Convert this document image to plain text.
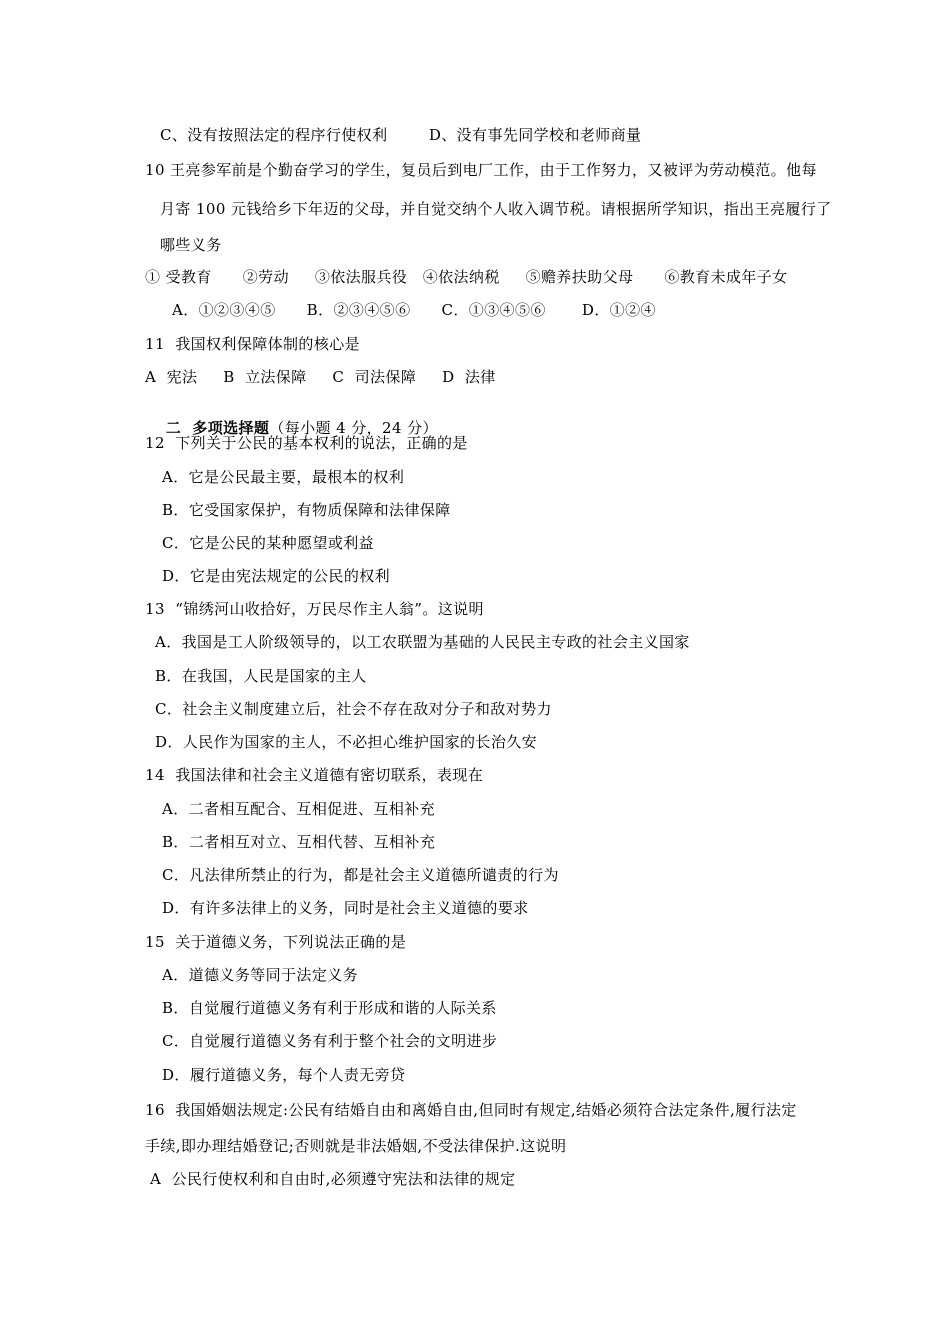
C、没有按照法定的程序行使权利        D、没有事先同学校和老师商量
10 王亮参军前是个勤奋学习的学生，复员后到电厂工作，由于工作努力，又被评为劳动模范。他每
月寄 100 元钱给乡下年迈的父母，并自觉交纳个人收入调节税。请根据所学知识，指出王亮履行了
哪些义务
① 受教育      ②劳动     ③依法服兵役   ④依法纳税     ⑤赡养扶助父母      ⑥教育未成年子女
A．①②③④⑤      B．②③④⑤⑥      C．①③④⑤⑥       D．①②④
11  我国权利保障体制的核心是
A  宪法     B  立法保障     C  司法保障     D  法律

二  多项选择题（每小题 4 分，24 分）

12  下列关于公民的基本权利的说法，正确的是
A．它是公民最主要，最根本的权利
B．它受国家保护，有物质保障和法律保障
C．它是公民的某种愿望或利益
D．它是由宪法规定的公民的权利
13  “锦绣河山收拾好，万民尽作主人翁”。这说明
A．我国是工人阶级领导的，以工农联盟为基础的人民民主专政的社会主义国家
B．在我国，人民是国家的主人
C．社会主义制度建立后，社会不存在敌对分子和敌对势力
D．人民作为国家的主人，不必担心维护国家的长治久安
14  我国法律和社会主义道德有密切联系，表现在
A．二者相互配合、互相促进、互相补充
B．二者相互对立、互相代替、互相补充
C．凡法律所禁止的行为，都是社会主义道德所谴责的行为
D．有许多法律上的义务，同时是社会主义道德的要求
15  关于道德义务，下列说法正确的是
A．道德义务等同于法定义务
B．自觉履行道德义务有利于形成和谐的人际关系
C．自觉履行道德义务有利于整个社会的文明进步
D．履行道德义务，每个人责无旁贷
16  我国婚姻法规定:公民有结婚自由和离婚自由,但同时有规定,结婚必须符合法定条件,履行法定
手续,即办理结婚登记;否则就是非法婚姻,不受法律保护.这说明
A  公民行使权利和自由时,必须遵守宪法和法律的规定
